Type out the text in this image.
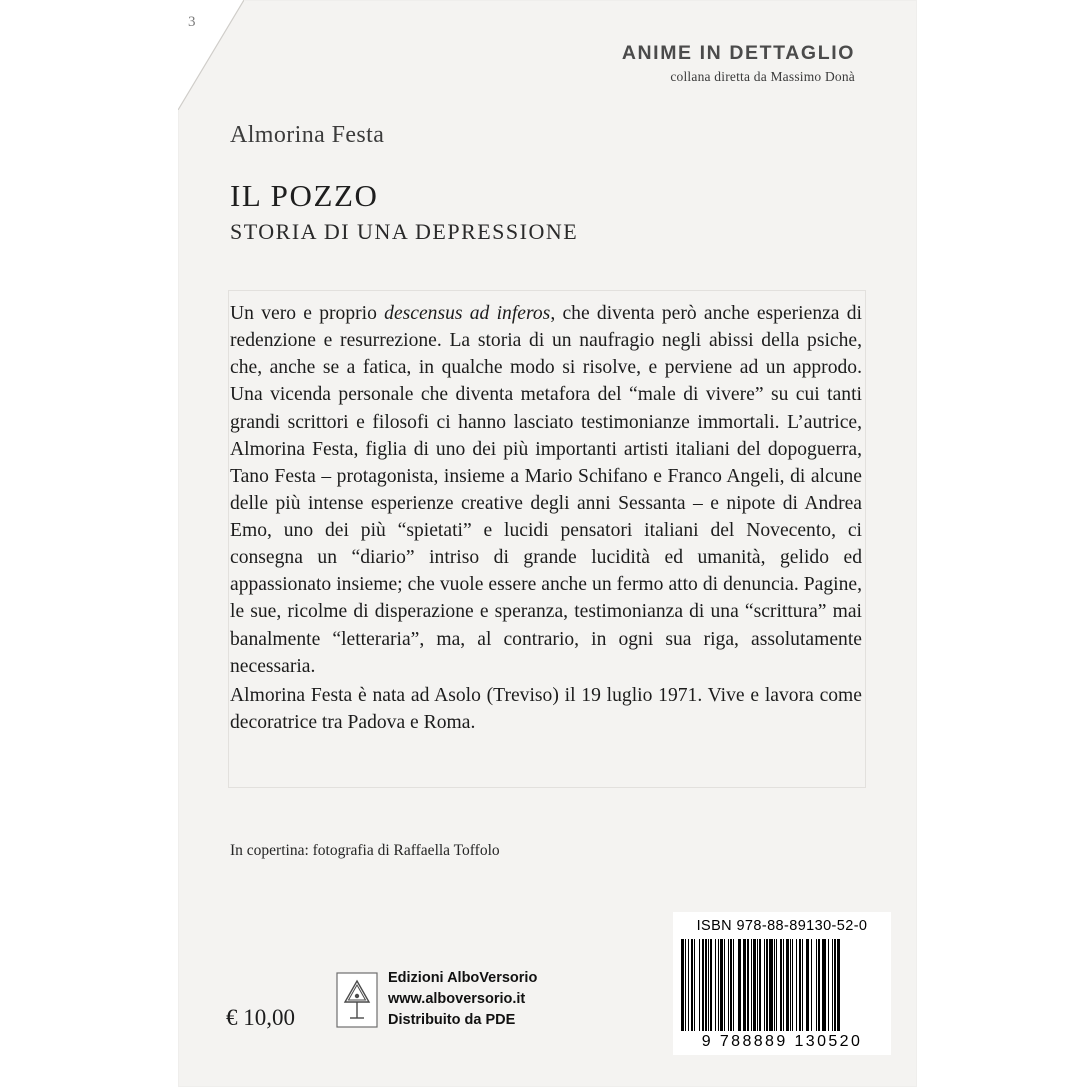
3
ANIME IN DETTAGLIO
collana diretta da Massimo Donà
Almorina Festa
IL POZZO
STORIA DI UNA DEPRESSIONE
Un vero e proprio descensus ad inferos, che diventa però anche esperienza di redenzione e resurrezione. La storia di un naufragio negli abissi della psiche, che, anche se a fatica, in qualche modo si risolve, e perviene ad un approdo. Una vicenda personale che diventa metafora del “male di vivere” su cui tanti grandi scrittori e filosofi ci hanno lasciato testimonianze immortali. L’autrice, Almorina Festa, figlia di uno dei più importanti artisti italiani del dopoguerra, Tano Festa – protagonista, insieme a Mario Schifano e Franco Angeli, di alcune delle più intense esperienze creative degli anni Sessanta – e nipote di Andrea Emo, uno dei più “spietati” e lucidi pensatori italiani del Novecento, ci consegna un “diario” intriso di grande lucidità ed umanità, gelido ed appassionato insieme; che vuole essere anche un fermo atto di denuncia. Pagine, le sue, ricolme di disperazione e speranza, testimonianza di una “scrittura” mai banalmente “letteraria”, ma, al contrario, in ogni sua riga, assolutamente necessaria.
Almorina Festa è nata ad Asolo (Treviso) il 19 luglio 1971. Vive e lavora come decoratrice tra Padova e Roma.
In copertina: fotografia di Raffaella Toffolo
€ 10,00
Edizioni AlboVersorio
www.alboversorio.it
Distribuito da PDE
ISBN 978-88-89130-52-0
9 788889 130520
